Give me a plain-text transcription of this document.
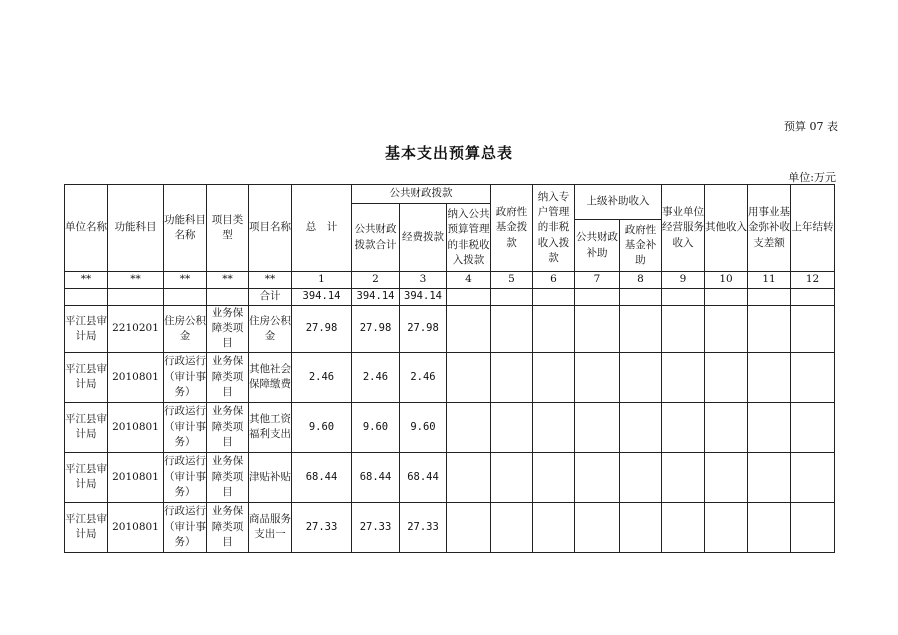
预算 07 表
基本支出预算总表
单位:万元
单位名称	功能科目	功能科目名称	项目类型	项目名称	总　计	公共财政拨款			政府性基金拨款	纳入专户管理的非税收入拨款	上级补助收入		事业单位经营服务收入	其他收入	用事业基金弥补收支差额	上年结转
						公共财政拨款合计	经费拨款	纳入公共预算管理的非税收入拨款								
											公共财政补助	政府性基金补助				
**	**	**	**	**	1	2	3	4	5	6	7	8	9	10	11	12
				合计	394.14	394.14	394.14									
平江县审计局	2210201	住房公积金	业务保障类项目	住房公积金	27.98	27.98	27.98									
平江县审计局	2010801	行政运行（审计事务）	业务保障类项目	其他社会保障缴费	2.46	2.46	2.46									
平江县审计局	2010801	行政运行（审计事务）	业务保障类项目	其他工资福利支出	9.60	9.60	9.60									
平江县审计局	2010801	行政运行（审计事务）	业务保障类项目	津贴补贴	68.44	68.44	68.44									
平江县审计局	2010801	行政运行（审计事务）	业务保障类项目	商品服务支出一	27.33	27.33	27.33									
